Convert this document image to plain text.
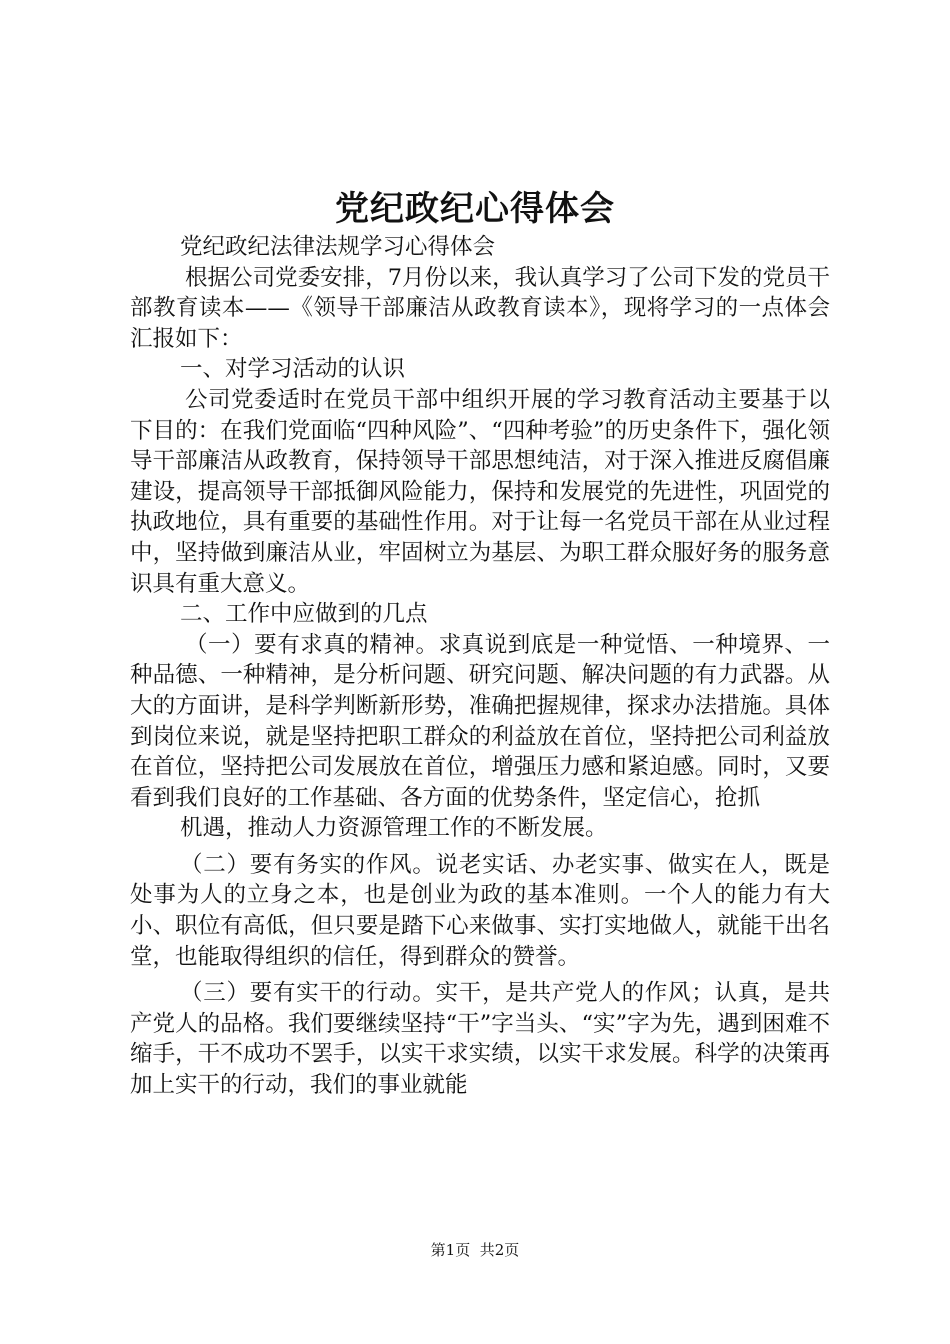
党纪政纪心得体会

党纪政纪法律法规学习心得体会

根据公司党委安排，7月份以来，我认真学习了公司下发的党员干部教育读本——《领导干部廉洁从政教育读本》，现将学习的一点体会汇报如下：

一、对学习活动的认识

公司党委适时在党员干部中组织开展的学习教育活动主要基于以下目的：在我们党面临“四种风险”、“四种考验”的历史条件下，强化领导干部廉洁从政教育，保持领导干部思想纯洁，对于深入推进反腐倡廉建设，提高领导干部抵御风险能力，保持和发展党的先进性，巩固党的执政地位，具有重要的基础性作用。对于让每一名党员干部在从业过程中，坚持做到廉洁从业，牢固树立为基层、为职工群众服好务的服务意识具有重大意义。

二、工作中应做到的几点

（一）要有求真的精神。求真说到底是一种觉悟、一种境界、一种品德、一种精神，是分析问题、研究问题、解决问题的有力武器。从大的方面讲，是科学判断新形势，准确把握规律，探求办法措施。具体到岗位来说，就是坚持把职工群众的利益放在首位，坚持把公司利益放在首位，坚持把公司发展放在首位，增强压力感和紧迫感。同时，又要看到我们良好的工作基础、各方面的优势条件，坚定信心，抢抓

机遇，推动人力资源管理工作的不断发展。

（二）要有务实的作风。说老实话、办老实事、做实在人，既是处事为人的立身之本，也是创业为政的基本准则。一个人的能力有大小、职位有高低，但只要是踏下心来做事、实打实地做人，就能干出名堂，也能取得组织的信任，得到群众的赞誉。

（三）要有实干的行动。实干，是共产党人的作风；认真，是共产党人的品格。我们要继续坚持“干”字当头、“实”字为先，遇到困难不缩手，干不成功不罢手，以实干求实绩，以实干求发展。科学的决策再加上实干的行动，我们的事业就能

第1页 共2页
